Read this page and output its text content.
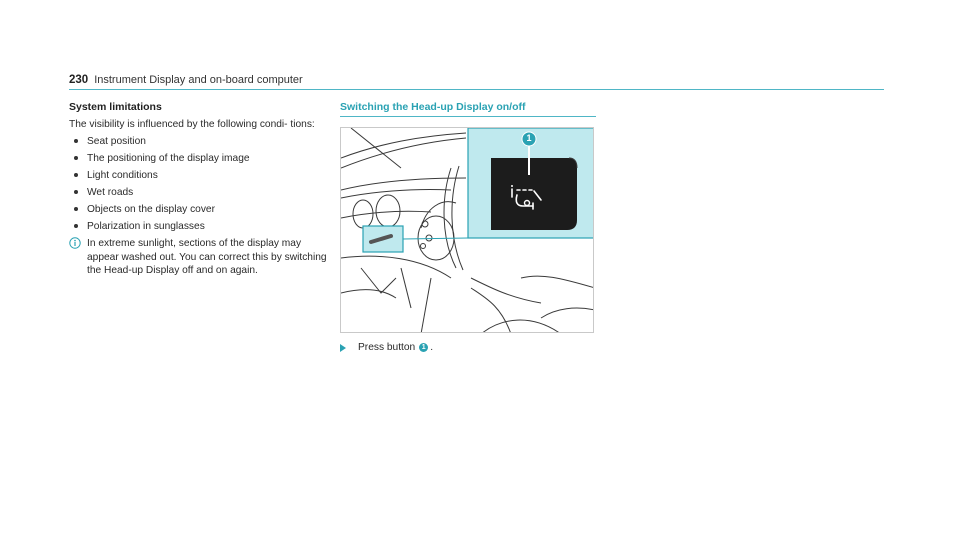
230 Instrument Display and on-board computer

System limitations

The visibility is influenced by the following condi- tions:

Seat position
The positioning of the display image
Light conditions
Wet roads
Objects on the display cover
Polarization in sunglasses
In extreme sunlight, sections of the display may appear washed out. You can correct this by switching the Head-up Display off and on again.

Switching the Head-up Display on/off

1
Press button 1 .
